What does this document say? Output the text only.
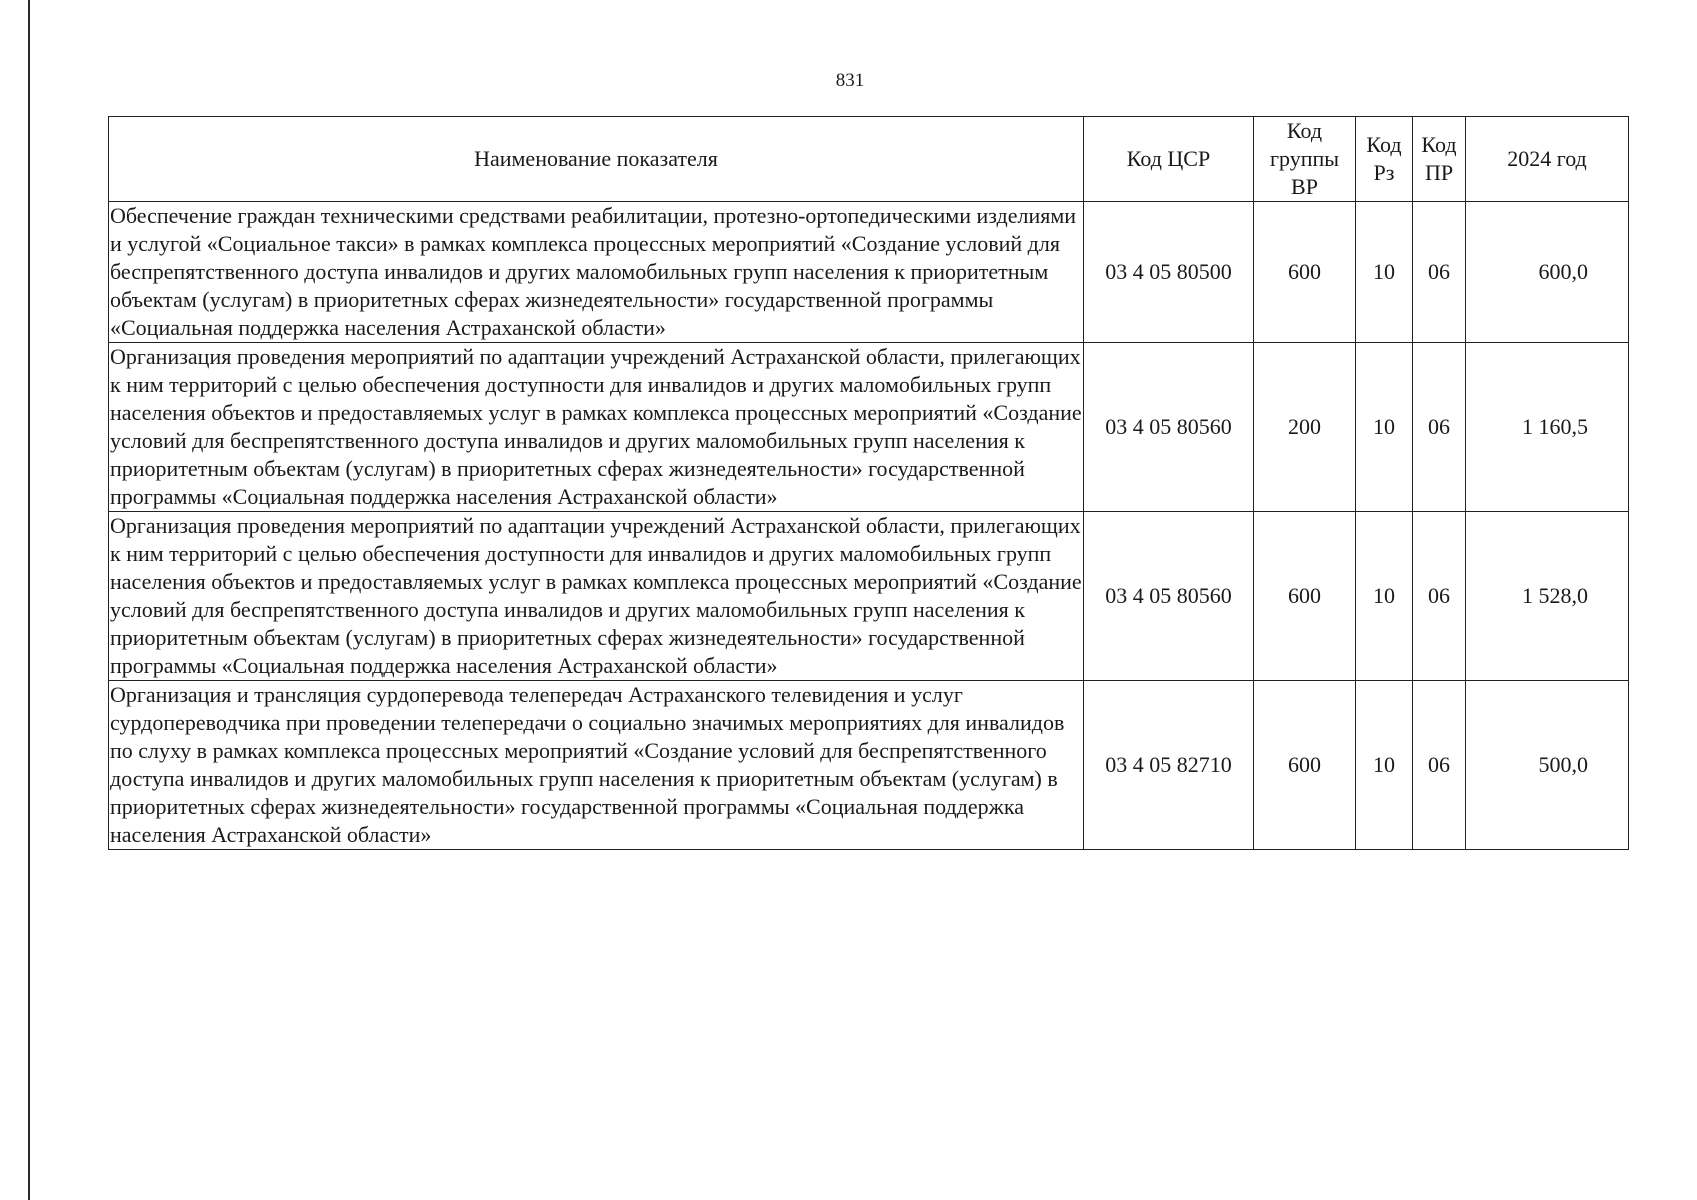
831
Наименование показателя	Код ЦСР	Код группы ВР	Код Рз	Код ПР	2024 год
Обеспечение граждан техническими средствами реабилитации, протезно-ортопедическими изделиями и услугой «Социальное такси» в рамках комплекса процессных мероприятий «Создание условий для беспрепятственного доступа инвалидов и других маломобильных групп населения к приоритетным объектам (услугам) в приоритетных сферах жизнедеятельности» государственной программы «Социальная поддержка населения Астраханской области»	03 4 05 80500	600	10	06	600,0
Организация проведения мероприятий по адаптации учреждений Астраханской области, прилегающих к ним территорий с целью обеспечения доступности для инвалидов и других маломобильных групп населения объектов и предоставляемых услуг в рамках комплекса процессных мероприятий «Создание условий для беспрепятственного доступа инвалидов и других маломобильных групп населения к приоритетным объектам (услугам) в приоритетных сферах жизнедеятельности» государственной программы «Социальная поддержка населения Астраханской области»	03 4 05 80560	200	10	06	1 160,5
Организация проведения мероприятий по адаптации учреждений Астраханской области, прилегающих к ним территорий с целью обеспечения доступности для инвалидов и других маломобильных групп населения объектов и предоставляемых услуг в рамках комплекса процессных мероприятий «Создание условий для беспрепятственного доступа инвалидов и других маломобильных групп населения к приоритетным объектам (услугам) в приоритетных сферах жизнедеятельности» государственной программы «Социальная поддержка населения Астраханской области»	03 4 05 80560	600	10	06	1 528,0
Организация и трансляция сурдоперевода телепередач Астраханского телевидения и услуг сурдопереводчика при проведении телепередачи о социально значимых мероприятиях для инвалидов по слуху в рамках комплекса процессных мероприятий «Создание условий для беспрепятственного доступа инвалидов и других маломобильных групп населения к приоритетным объектам (услугам) в приоритетных сферах жизнедеятельности» государственной программы «Социальная поддержка населения Астраханской области»	03 4 05 82710	600	10	06	500,0
